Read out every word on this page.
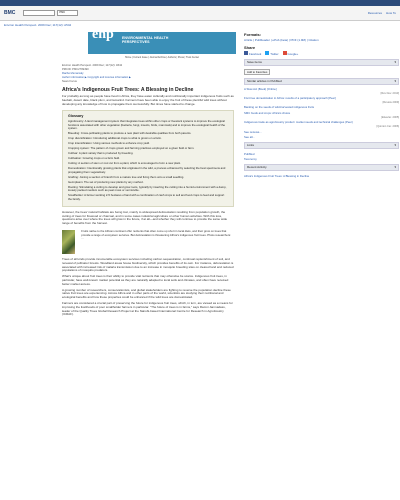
BMC	PMC	Resources How To
Environ Health Perspect. 2009 Dec; 117(12): A542
ehp ENVIRONMENTAL HEALTH PERSPECTIVES
Home | Current Issue | Journal Archive | Authors | Press | Trust Center
Environ Health Perspect. 2009 Dec; 117(12): A542
PMCID: PMC2799490
Rachel Zemansky
Author information ▶ Copyright and License information ▶
News Focus
Africa's Indigenous Fruit Trees: A Blessing in Decline

For probably as long as people have lived in Africa, they have eaten culturally and nutritionally important indigenous fruits such as baobab, desert date, black plum, and tamarind. Farmers have been able to enjoy the fruit of these plentiful wild trees without developing any knowledge of how to propagate them successfully. But times have started to change.

Glossary

Agroforestry: A land management system that integrates trees within other crops or livestock systems to improve the ecological functions associated with other vegetation (bacteria, fungi, insects, birds, mammals) and to improve the ecological health of the system.

Breeding: Cross-pollinating plants to produce a new plant with desirable qualities from both parents.

Crop diversification: Introducing additional crops to what is grown on a farm.

Crop intensification: Using various methods to enhance crop yield.

Cropping system: The pattern of crops grown and farming practices employed on a given field or farm.

Cultivar: A plant variety that is produced by breeding.

Cultivation: Growing crops on a farm field.

Cutting: A section of stem or root cut from a plant, which is encouraged to form a new plant.

Domestication: Intentionally growing plants that originated in the wild, a process enhanced by selecting the best specimens and propagating them vegetatively.

Grafting: Joining a section of branch from a mature tree and fixing them onto a small seedling.

Germplasm: The set of producing new plants by any method.

Rooting: Stimulating a cutting to develop and grow roots, typically by inserting the cutting into a humid environment with a damp, loosely packed medium such as peat moss or vermiculite.

Smallholder: A farmer working 2-5 hectares of land with a combination of cash crops to sell and food crops to feed and support the family.

However, the trees' natural habitats are being lost, mainly to widespread deforestation resulting from population growth, the cutting of trees for firewood or charcoal, and in some cases industrial agriculture or other human activities. With this loss, questions arise over where the trees will grow in the future, if at all—and whether they will continue to provide the same wide range of benefits from the harvest.

Fruits native to the African continent offer nutrients that often come up short in local diets, and their grow on trees that provide a range of ecosystem services. But deforestation is threatening Africa's indigenous fruit trees. Photo researchers: ...

Trees of all kinds provide innumerable ecosystem services including carbon sequestration, continual replenishment of soil, and renewal of pollinator forests. Woodland areas house biodiversity, which provides benefits of its own. For instance, deforestation is associated with increased risk of malaria transmission due to an increase in mosquito breeding sites on cleared land and reduced populations of mosquito predators.

What's unique about fruit trees is their ability to provide vital nutrients that may otherwise be scarce. Indigenous fruit trees, in particular, have well-known market potential as they are naturally adapted to local soils and climates, and often have received better market access.

A growing number of researchers, conservationists, and global stakeholders are fighting to reverse the population decline these native fruit trees are experiencing. Across Africa and in other parts of the world, scientists are studying their nutritional and ecological benefits and how these properties could be enhanced if the wild trees are domesticated.

Farmers are considered a crucial part of preserving the future for indigenous fruit trees, which, in turn, are viewed as a means for improving the livelihoods of poor smallholder farmers in particular. "The future of trees is in farms," says Ramni Jamnadass, leader of the Quality Trees Global Research Project at the Nairobi-based International Centre for Research in Agroforestry (ICRAF).

Formats:
Article | PubReader | ePub (beta) | PDF (1.9M) | Citation
Share
Facebook	Twitter	Google+
Save items	▾
Add to Favorites
Similar articles in PubMed	▾
A Slow Act (Book) [Online]
[Rev Dev. 2013]
Fruit tree domestication in Africa: results of a participatory approach [Peer]
[Review 2009]
Banking on the seeds of wild-harvested indigenous fruits
SMC foods and crops: Africa's choice
[Elsevier. 2005]
Indigenous trade as agroforestry product: market needs and technical challenges (Peer)
[Quinton Cer. 2006]
See reviews...
See all...
Links	▾
PubMed
Taxonomy
Recent Activity	▾
Africa's Indigenous Fruit Trees: A Blessing in Decline
